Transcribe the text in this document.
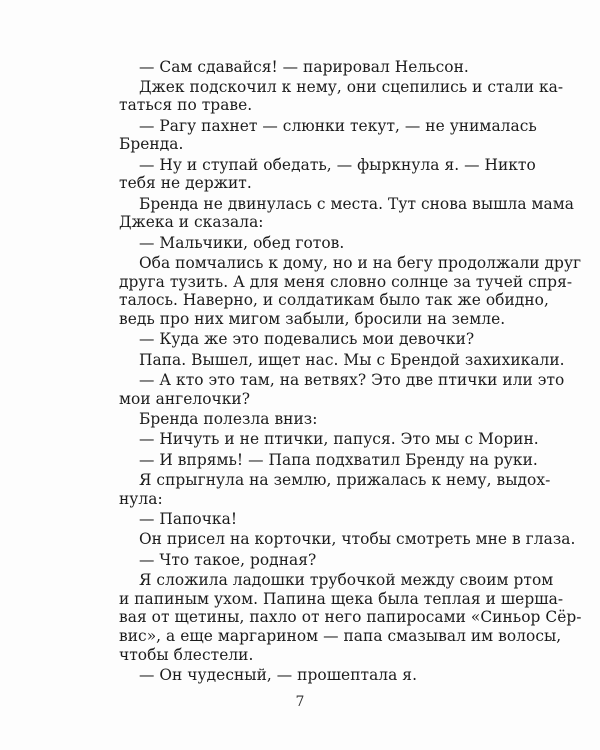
— Сам сдавайся! — парировал Нельсон.
Джек подскочил к нему, они сцепились и стали ка-
таться по траве.
— Рагу пахнет — слюнки текут, — не унималась
Бренда.
— Ну и ступай обедать, — фыркнула я. — Никто
тебя не держит.
Бренда не двинулась с места. Тут снова вышла мама
Джека и сказала:
— Мальчики, обед готов.
Оба помчались к дому, но и на бегу продолжали друг
друга тузить. А для меня словно солнце за тучей спря-
талось. Наверно, и солдатикам было так же обидно,
ведь про них мигом забыли, бросили на земле.
— Куда же это подевались мои девочки?
Папа. Вышел, ищет нас. Мы с Брендой захихикали.
— А кто это там, на ветвях? Это две птички или это
мои ангелочки?
Бренда полезла вниз:
— Ничуть и не птички, папуся. Это мы с Морин.
— И впрямь! — Папа подхватил Бренду на руки.
Я спрыгнула на землю, прижалась к нему, выдох-
нула:
— Папочка!
Он присел на корточки, чтобы смотреть мне в глаза.
— Что такое, родная?
Я сложила ладошки трубочкой между своим ртом
и папиным ухом. Папина щека была теплая и шерша-
вая от щетины, пахло от него папиросами «Синьор Сёр-
вис», а еще маргарином — папа смазывал им волосы,
чтобы блестели.
— Он чудесный, — прошептала я.
7
